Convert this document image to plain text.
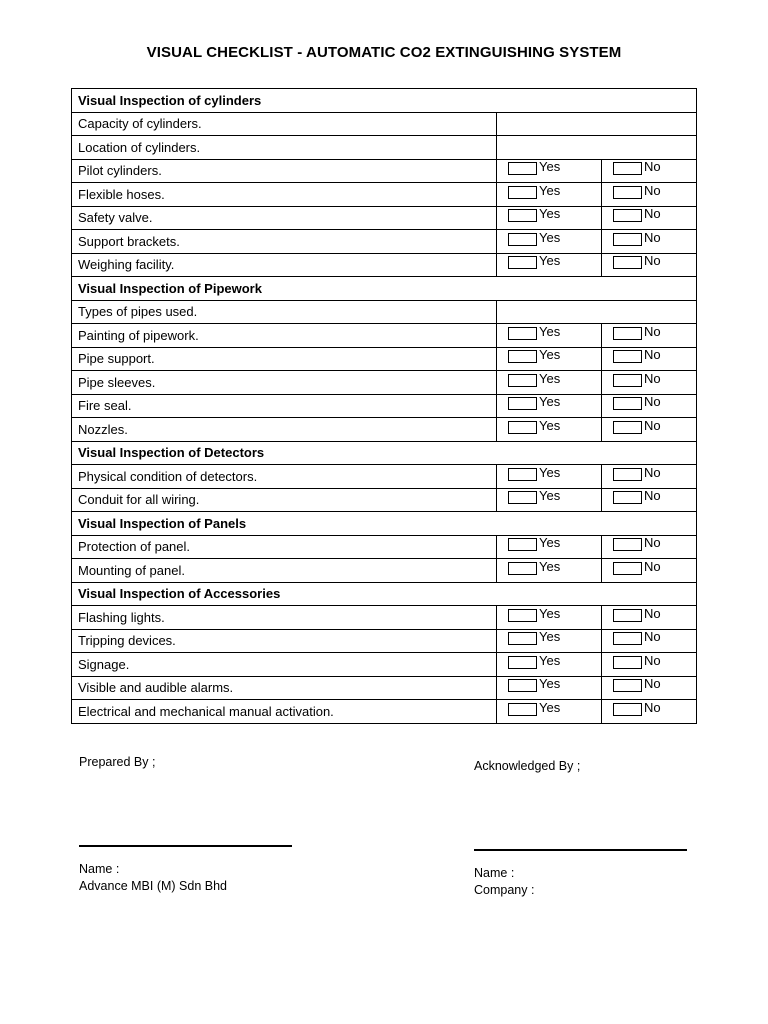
VISUAL CHECKLIST - AUTOMATIC CO2 EXTINGUISHING SYSTEM
Visual Inspection of cylinders		
Capacity of cylinders.		
Location of cylinders.		
Pilot cylinders.	Yes	No
Flexible hoses.	Yes	No
Safety valve.	Yes	No
Support brackets.	Yes	No
Weighing facility.	Yes	No
Visual Inspection of Pipework		
Types of pipes used.		
Painting of pipework.	Yes	No
Pipe support.	Yes	No
Pipe sleeves.	Yes	No
Fire seal.	Yes	No
Nozzles.	Yes	No
Visual Inspection of Detectors		
Physical condition of detectors.	Yes	No
Conduit for all wiring.	Yes	No
Visual Inspection of Panels		
Protection of panel.	Yes	No
Mounting of panel.	Yes	No
Visual Inspection of Accessories		
Flashing lights.	Yes	No
Tripping devices.	Yes	No
Signage.	Yes	No
Visible and audible alarms.	Yes	No
Electrical and mechanical manual activation.	Yes	No
Prepared By ;
Name :
Advance MBI (M) Sdn Bhd
Acknowledged By ;
Name :
Company :
